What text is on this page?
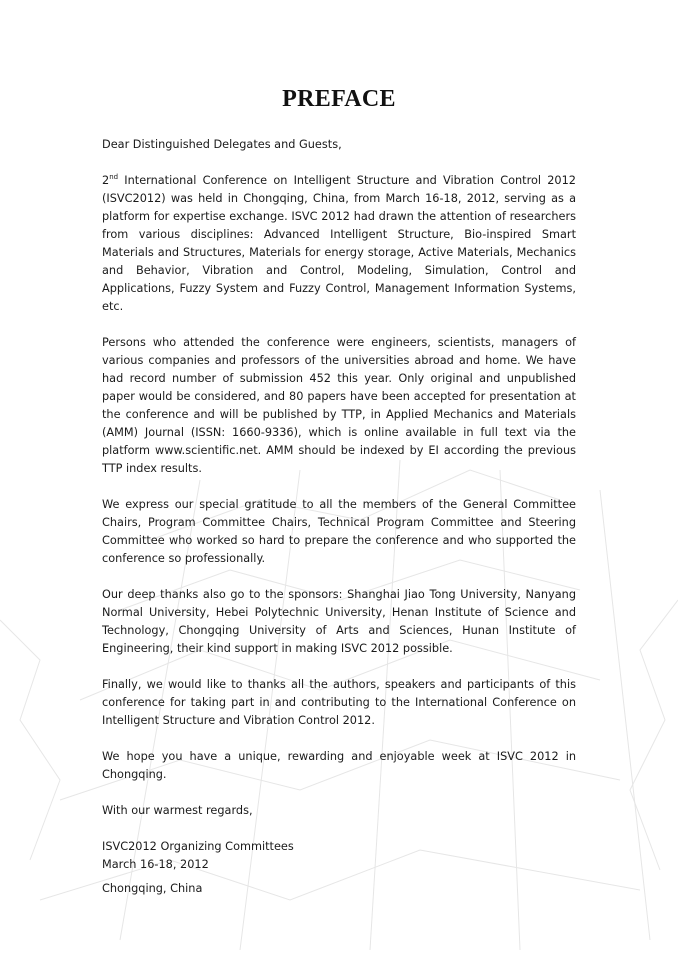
PREFACE

Dear Distinguished Delegates and Guests,

2nd International Conference on Intelligent Structure and Vibration Control 2012 (ISVC2012) was held in Chongqing, China, from March 16-18, 2012, serving as a platform for expertise exchange. ISVC 2012 had drawn the attention of researchers from various disciplines: Advanced Intelligent Structure, Bio-inspired Smart Materials and Structures, Materials for energy storage, Active Materials, Mechanics and Behavior, Vibration and Control, Modeling, Simulation, Control and Applications, Fuzzy System and Fuzzy Control, Management Information Systems, etc.

Persons who attended the conference were engineers, scientists, managers of various companies and professors of the universities abroad and home. We have had record number of submission 452 this year. Only original and unpublished paper would be considered, and 80 papers have been accepted for presentation at the conference and will be published by TTP, in Applied Mechanics and Materials (AMM) Journal (ISSN: 1660-9336), which is online available in full text via the platform www.scientific.net. AMM should be indexed by EI according the previous TTP index results.

We express our special gratitude to all the members of the General Committee Chairs, Program Committee Chairs, Technical Program Committee and Steering Committee who worked so hard to prepare the conference and who supported the conference so professionally.

Our deep thanks also go to the sponsors: Shanghai Jiao Tong University, Nanyang Normal University, Hebei Polytechnic University, Henan Institute of Science and Technology, Chongqing University of Arts and Sciences, Hunan Institute of Engineering, their kind support in making ISVC 2012 possible.

Finally, we would like to thanks all the authors, speakers and participants of this conference for taking part in and contributing to the International Conference on Intelligent Structure and Vibration Control 2012.

We hope you have a unique, rewarding and enjoyable week at ISVC 2012 in Chongqing.

With our warmest regards,

ISVC2012 Organizing Committees
March 16-18, 2012
Chongqing, China
